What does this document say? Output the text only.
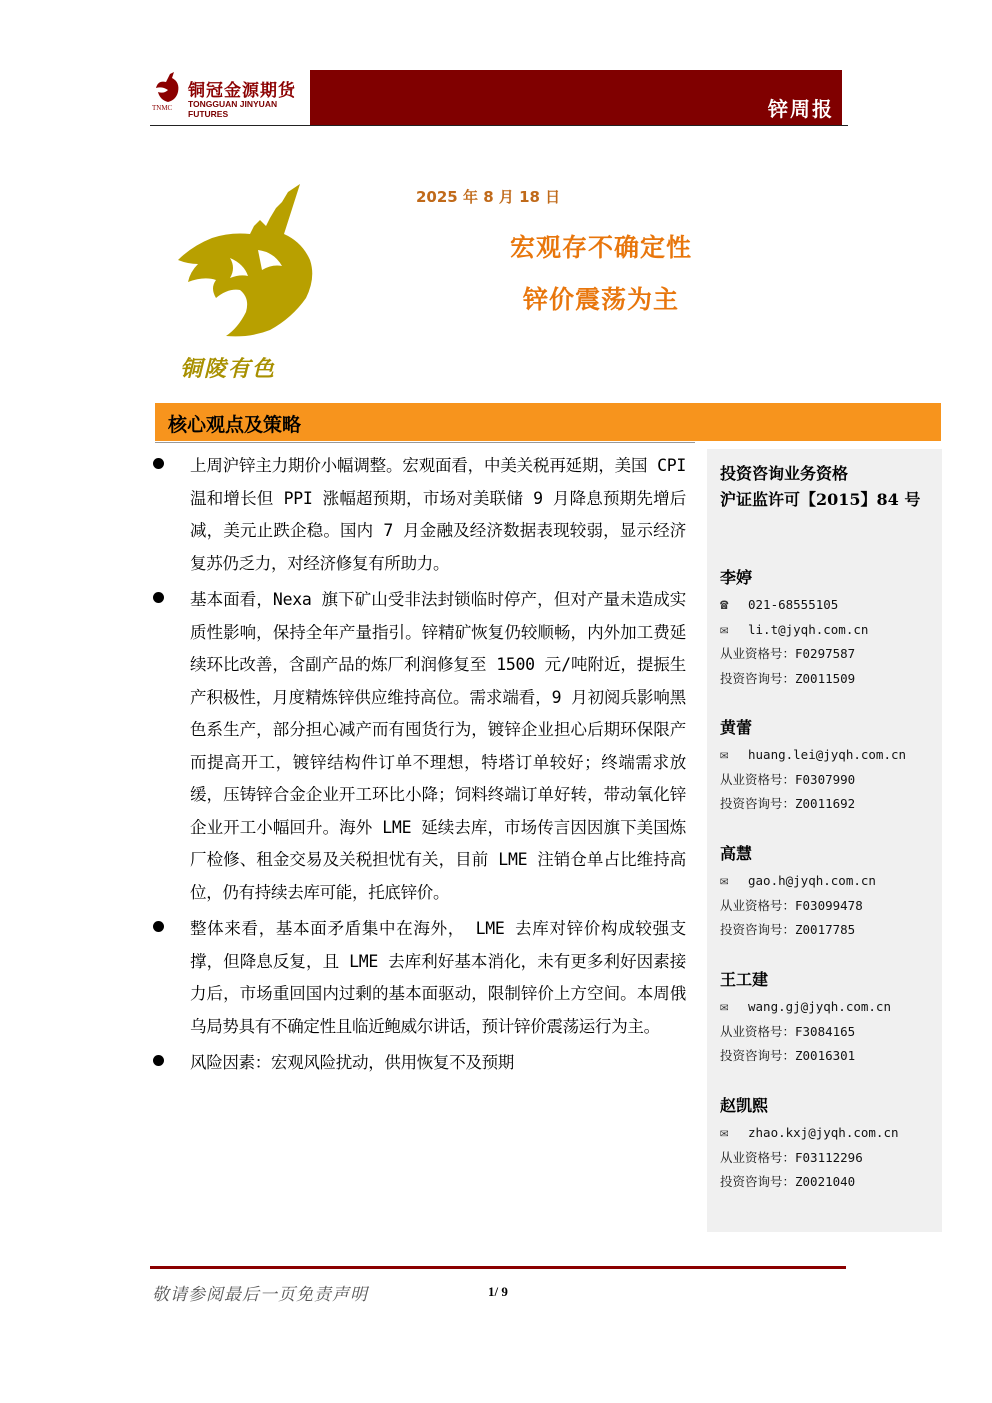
铜冠金源期货
TONGGUAN JINYUAN FUTURES
TNMC	锌周报
铜陵有色
2025 年 8 月 18 日
宏观存不确定性
锌价震荡为主
核心观点及策略
上周沪锌主力期价小幅调整。宏观面看，中美关税再延期，美国 CPI 温和增长但 PPI 涨幅超预期，市场对美联储 9 月降息预期先增后减，美元止跌企稳。国内 7 月金融及经济数据表现较弱，显示经济复苏仍乏力，对经济修复有所助力。
基本面看，Nexa 旗下矿山受非法封锁临时停产，但对产量未造成实质性影响，保持全年产量指引。锌精矿恢复仍较顺畅，内外加工费延续环比改善，含副产品的炼厂利润修复至 1500 元/吨附近，提振生产积极性，月度精炼锌供应维持高位。需求端看，9 月初阅兵影响黑色系生产，部分担心减产而有囤货行为，镀锌企业担心后期环保限产而提高开工，镀锌结构件订单不理想，特塔订单较好；终端需求放缓，压铸锌合金企业开工环比小降；饲料终端订单好转，带动氧化锌企业开工小幅回升。海外 LME 延续去库，市场传言因因旗下美国炼厂检修、租金交易及关税担忧有关，目前 LME 注销仓单占比维持高位，仍有持续去库可能，托底锌价。
整体来看，基本面矛盾集中在海外， LME 去库对锌价构成较强支撑，但降息反复，且 LME 去库利好基本消化，未有更多利好因素接力后，市场重回国内过剩的基本面驱动，限制锌价上方空间。本周俄乌局势具有不确定性且临近鲍威尔讲话，预计锌价震荡运行为主。
风险因素：宏观风险扰动，供用恢复不及预期
投资咨询业务资格
沪证监许可【2015】84 号
李婷
☎ 021-68555105
✉ li.t@jyqh.com.cn
从业资格号：F0297587
投资咨询号：Z0011509
黄蕾
✉ huang.lei@jyqh.com.cn
从业资格号：F0307990
投资咨询号：Z0011692
高慧
✉ gao.h@jyqh.com.cn
从业资格号：F03099478
投资咨询号：Z0017785
王工建
✉ wang.gj@jyqh.com.cn
从业资格号：F3084165
投资咨询号：Z0016301
赵凯熙
✉ zhao.kxj@jyqh.com.cn
从业资格号：F03112296
投资咨询号：Z0021040
敬请参阅最后一页免责声明	1/ 9
